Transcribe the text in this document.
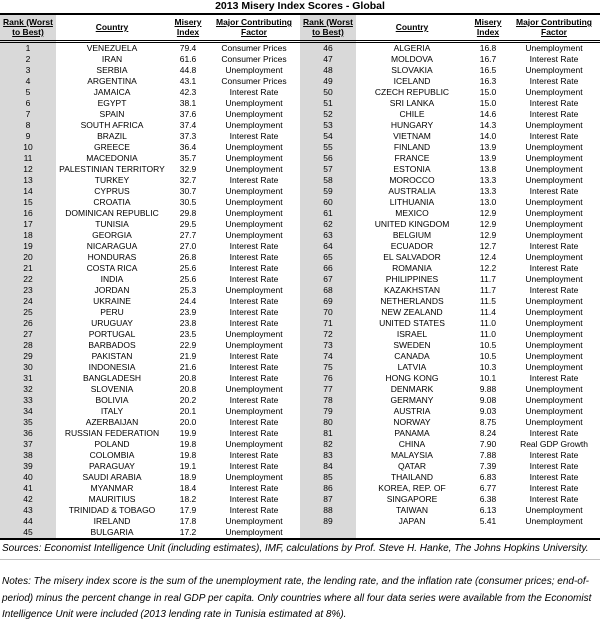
2013 Misery Index Scores - Global
Rank (Worst to Best)	Country	Misery Index	Major Contributing Factor	Rank (Worst to Best)	Country	Misery Index	Major Contributing Factor
1	VENEZUELA	79.4	Consumer Prices	46	ALGERIA	16.8	Unemployment
2	IRAN	61.6	Consumer Prices	47	MOLDOVA	16.7	Interest Rate
3	SERBIA	44.8	Unemployment	48	SLOVAKIA	16.5	Unemployment
4	ARGENTINA	43.1	Consumer Prices	49	ICELAND	16.3	Interest Rate
5	JAMAICA	42.3	Interest Rate	50	CZECH REPUBLIC	15.0	Unemployment
6	EGYPT	38.1	Unemployment	51	SRI LANKA	15.0	Interest Rate
7	SPAIN	37.6	Unemployment	52	CHILE	14.6	Interest Rate
8	SOUTH AFRICA	37.4	Unemployment	53	HUNGARY	14.3	Unemployment
9	BRAZIL	37.3	Interest Rate	54	VIETNAM	14.0	Interest Rate
10	GREECE	36.4	Unemployment	55	FINLAND	13.9	Unemployment
11	MACEDONIA	35.7	Unemployment	56	FRANCE	13.9	Unemployment
12	PALESTINIAN TERRITORY	32.9	Unemployment	57	ESTONIA	13.8	Unemployment
13	TURKEY	32.7	Interest Rate	58	MOROCCO	13.3	Unemployment
14	CYPRUS	30.7	Unemployment	59	AUSTRALIA	13.3	Interest Rate
15	CROATIA	30.5	Unemployment	60	LITHUANIA	13.0	Unemployment
16	DOMINICAN REPUBLIC	29.8	Unemployment	61	MEXICO	12.9	Unemployment
17	TUNISIA	29.5	Unemployment	62	UNITED KINGDOM	12.9	Unemployment
18	GEORGIA	27.7	Unemployment	63	BELGIUM	12.9	Unemployment
19	NICARAGUA	27.0	Interest Rate	64	ECUADOR	12.7	Interest Rate
20	HONDURAS	26.8	Interest Rate	65	EL SALVADOR	12.4	Unemployment
21	COSTA RICA	25.6	Interest Rate	66	ROMANIA	12.2	Interest Rate
22	INDIA	25.6	Interest Rate	67	PHILIPPINES	11.7	Unemployment
23	JORDAN	25.3	Unemployment	68	KAZAKHSTAN	11.7	Interest Rate
24	UKRAINE	24.4	Interest Rate	69	NETHERLANDS	11.5	Unemployment
25	PERU	23.9	Interest Rate	70	NEW ZEALAND	11.4	Unemployment
26	URUGUAY	23.8	Interest Rate	71	UNITED STATES	11.0	Unemployment
27	PORTUGAL	23.5	Unemployment	72	ISRAEL	11.0	Unemployment
28	BARBADOS	22.9	Unemployment	73	SWEDEN	10.5	Unemployment
29	PAKISTAN	21.9	Interest Rate	74	CANADA	10.5	Unemployment
30	INDONESIA	21.6	Interest Rate	75	LATVIA	10.3	Unemployment
31	BANGLADESH	20.8	Interest Rate	76	HONG KONG	10.1	Interest Rate
32	SLOVENIA	20.8	Unemployment	77	DENMARK	9.88	Unemployment
33	BOLIVIA	20.2	Interest Rate	78	GERMANY	9.08	Unemployment
34	ITALY	20.1	Unemployment	79	AUSTRIA	9.03	Unemployment
35	AZERBAIJAN	20.0	Interest Rate	80	NORWAY	8.75	Unemployment
36	RUSSIAN FEDERATION	19.9	Interest Rate	81	PANAMA	8.24	Interest Rate
37	POLAND	19.8	Unemployment	82	CHINA	7.90	Real GDP Growth
38	COLOMBIA	19.8	Interest Rate	83	MALAYSIA	7.88	Interest Rate
39	PARAGUAY	19.1	Interest Rate	84	QATAR	7.39	Interest Rate
40	SAUDI ARABIA	18.9	Unemployment	85	THAILAND	6.83	Interest Rate
41	MYANMAR	18.4	Interest Rate	86	KOREA, REP. OF	6.77	Interest Rate
42	MAURITIUS	18.2	Interest Rate	87	SINGAPORE	6.38	Interest Rate
43	TRINIDAD & TOBAGO	17.9	Interest Rate	88	TAIWAN	6.13	Unemployment
44	IRELAND	17.8	Unemployment	89	JAPAN	5.41	Unemployment
45	BULGARIA	17.2	Unemployment				
Sources: Economist Intelligence Unit (including estimates), IMF, calculations by Prof. Steve H. Hanke, The Johns Hopkins University.
Notes: The misery index score is the sum of the unemployment rate, the lending rate, and the inflation rate (consumer prices; end-of-period) minus the percent change in real GDP per capita. Only countries where all four data series were available from the Economist Intelligence Unit were included (2013 lending rate in Tunisia estimated at 8%).
